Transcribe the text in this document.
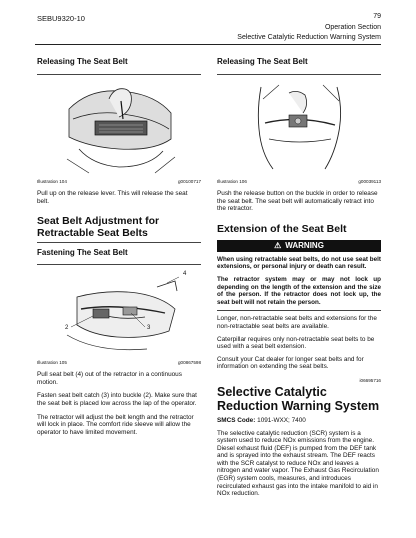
SEBU9320-10	79
Operation Section
Selective Catalytic Reduction Warning System

Releasing The Seat Belt

Illustration 104	g00100717

Pull up on the release lever. This will release the seat belt.

Seat Belt Adjustment for Retractable Seat Belts

Fastening The Seat Belt

4
2	3
Illustration 105	g00867598

Pull seat belt (4) out of the retractor in a continuous motion.

Fasten seat belt catch (3) into buckle (2). Make sure that the seat belt is placed low across the lap of the operator.

The retractor will adjust the belt length and the retractor will lock in place. The comfort ride sleeve will allow the operator to have limited movement.

Releasing The Seat Belt

Illustration 106	g00039113

Push the release button on the buckle in order to release the seat belt. The seat belt will automatically retract into the retractor.

Extension of the Seat Belt

⚠ WARNING

When using retractable seat belts, do not use seat belt extensions, or personal injury or death can result.

The retractor system may or may not lock up depending on the length of the extension and the size of the person. If the retractor does not lock up, the seat belt will not retain the person.

Longer, non-retractable seat belts and extensions for the non-retractable seat belts are available.

Caterpillar requires only non-retractable seat belts to be used with a seat belt extension.

Consult your Cat dealer for longer seat belts and for information on extending the seat belts.

i06695716

Selective Catalytic Reduction Warning System

SMCS Code: 1091-WXX; 7400

The selective catalytic reduction (SCR) system is a system used to reduce NOx emissions from the engine. Diesel exhaust fluid (DEF) is pumped from the DEF tank and is sprayed into the exhaust stream. The DEF reacts with the SCR catalyst to reduce NOx and leaves a nitrogen and water vapor. The Exhaust Gas Recirculation (EGR) system cools, measures, and introduces recirculated exhaust gas into the intake manifold to aid in NOx reduction.
